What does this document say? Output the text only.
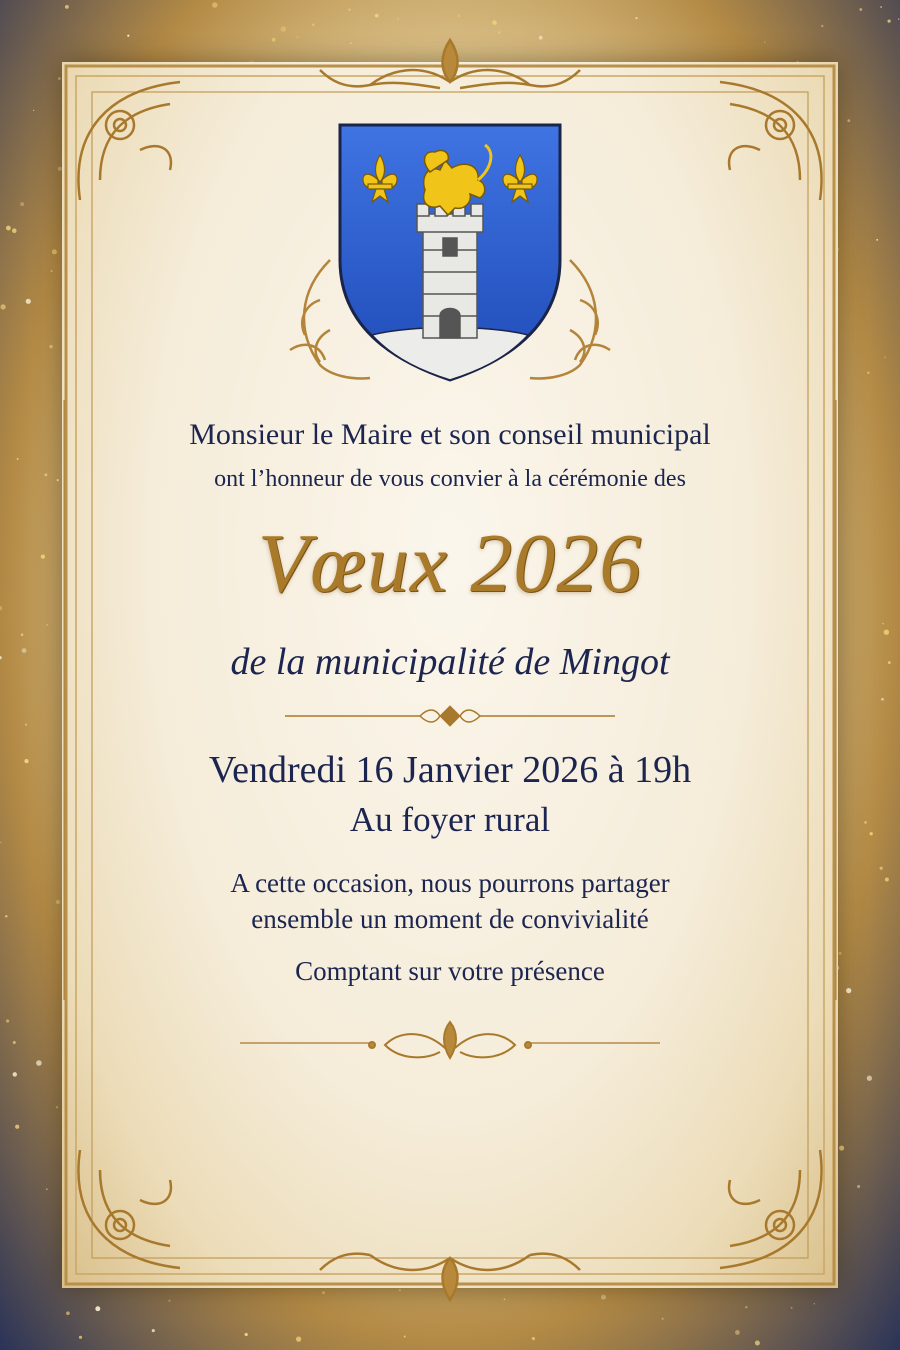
Monsieur le Maire et son conseil municipal
ont l’honneur de vous convier à la cérémonie des
Vœux 2026
de la municipalité de Mingot
Vendredi 16 Janvier 2026 à 19h
Au foyer rural
A cette occasion, nous pourrons partager
ensemble un moment de convivialité
Comptant sur votre présence
